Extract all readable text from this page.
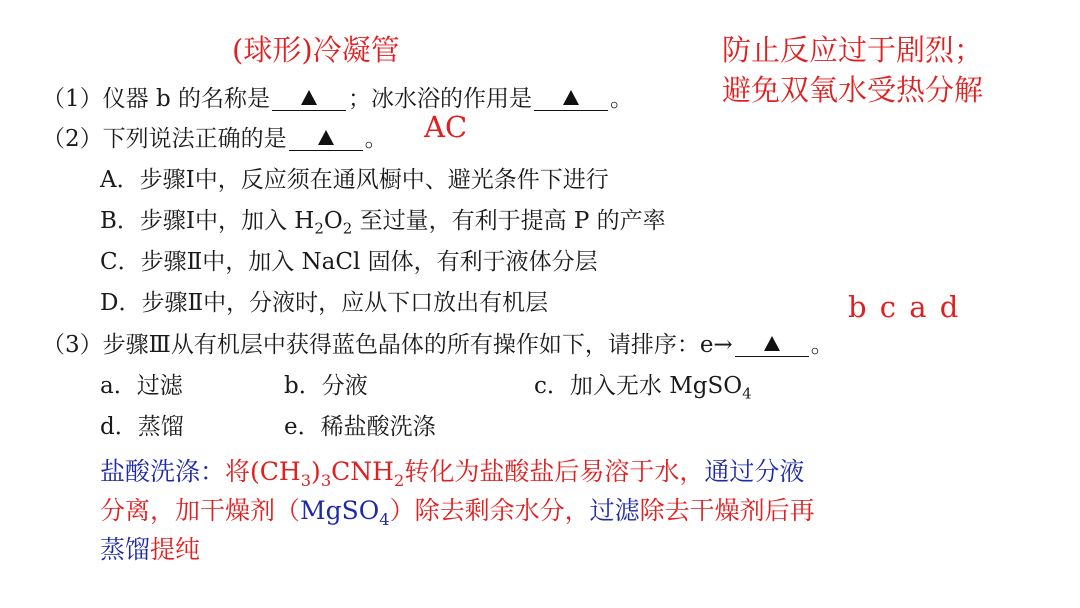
(球形)冷凝管	防止反应过于剧烈；
避免双氧水受热分解
AC
b c a d
（1）仪器 b 的名称是	；冰水浴的作用是	。
（2）下列说法正确的是	。
A．步骤Ⅰ中，反应须在通风橱中、避光条件下进行
B．步骤Ⅰ中，加入 $H_2O_2$ 至过量，有利于提高 P 的产率
C．步骤Ⅱ中，加入 NaCl 固体，有利于液体分层
D．步骤Ⅱ中，分液时，应从下口放出有机层
（3）步骤Ⅲ从有机层中获得蓝色晶体的所有操作如下，请排序：e→	。
a．过滤	b．分液	c．加入无水 MgSO$_4$
d．蒸馏	e．稀盐酸洗涤
盐酸洗涤：将$(CH_3)_3CNH_2$转化为盐酸盐后易溶于水，通过分液
分离，加干燥剂（MgSO$_4$）除去剩余水分，过滤除去干燥剂后再
蒸馏提纯
